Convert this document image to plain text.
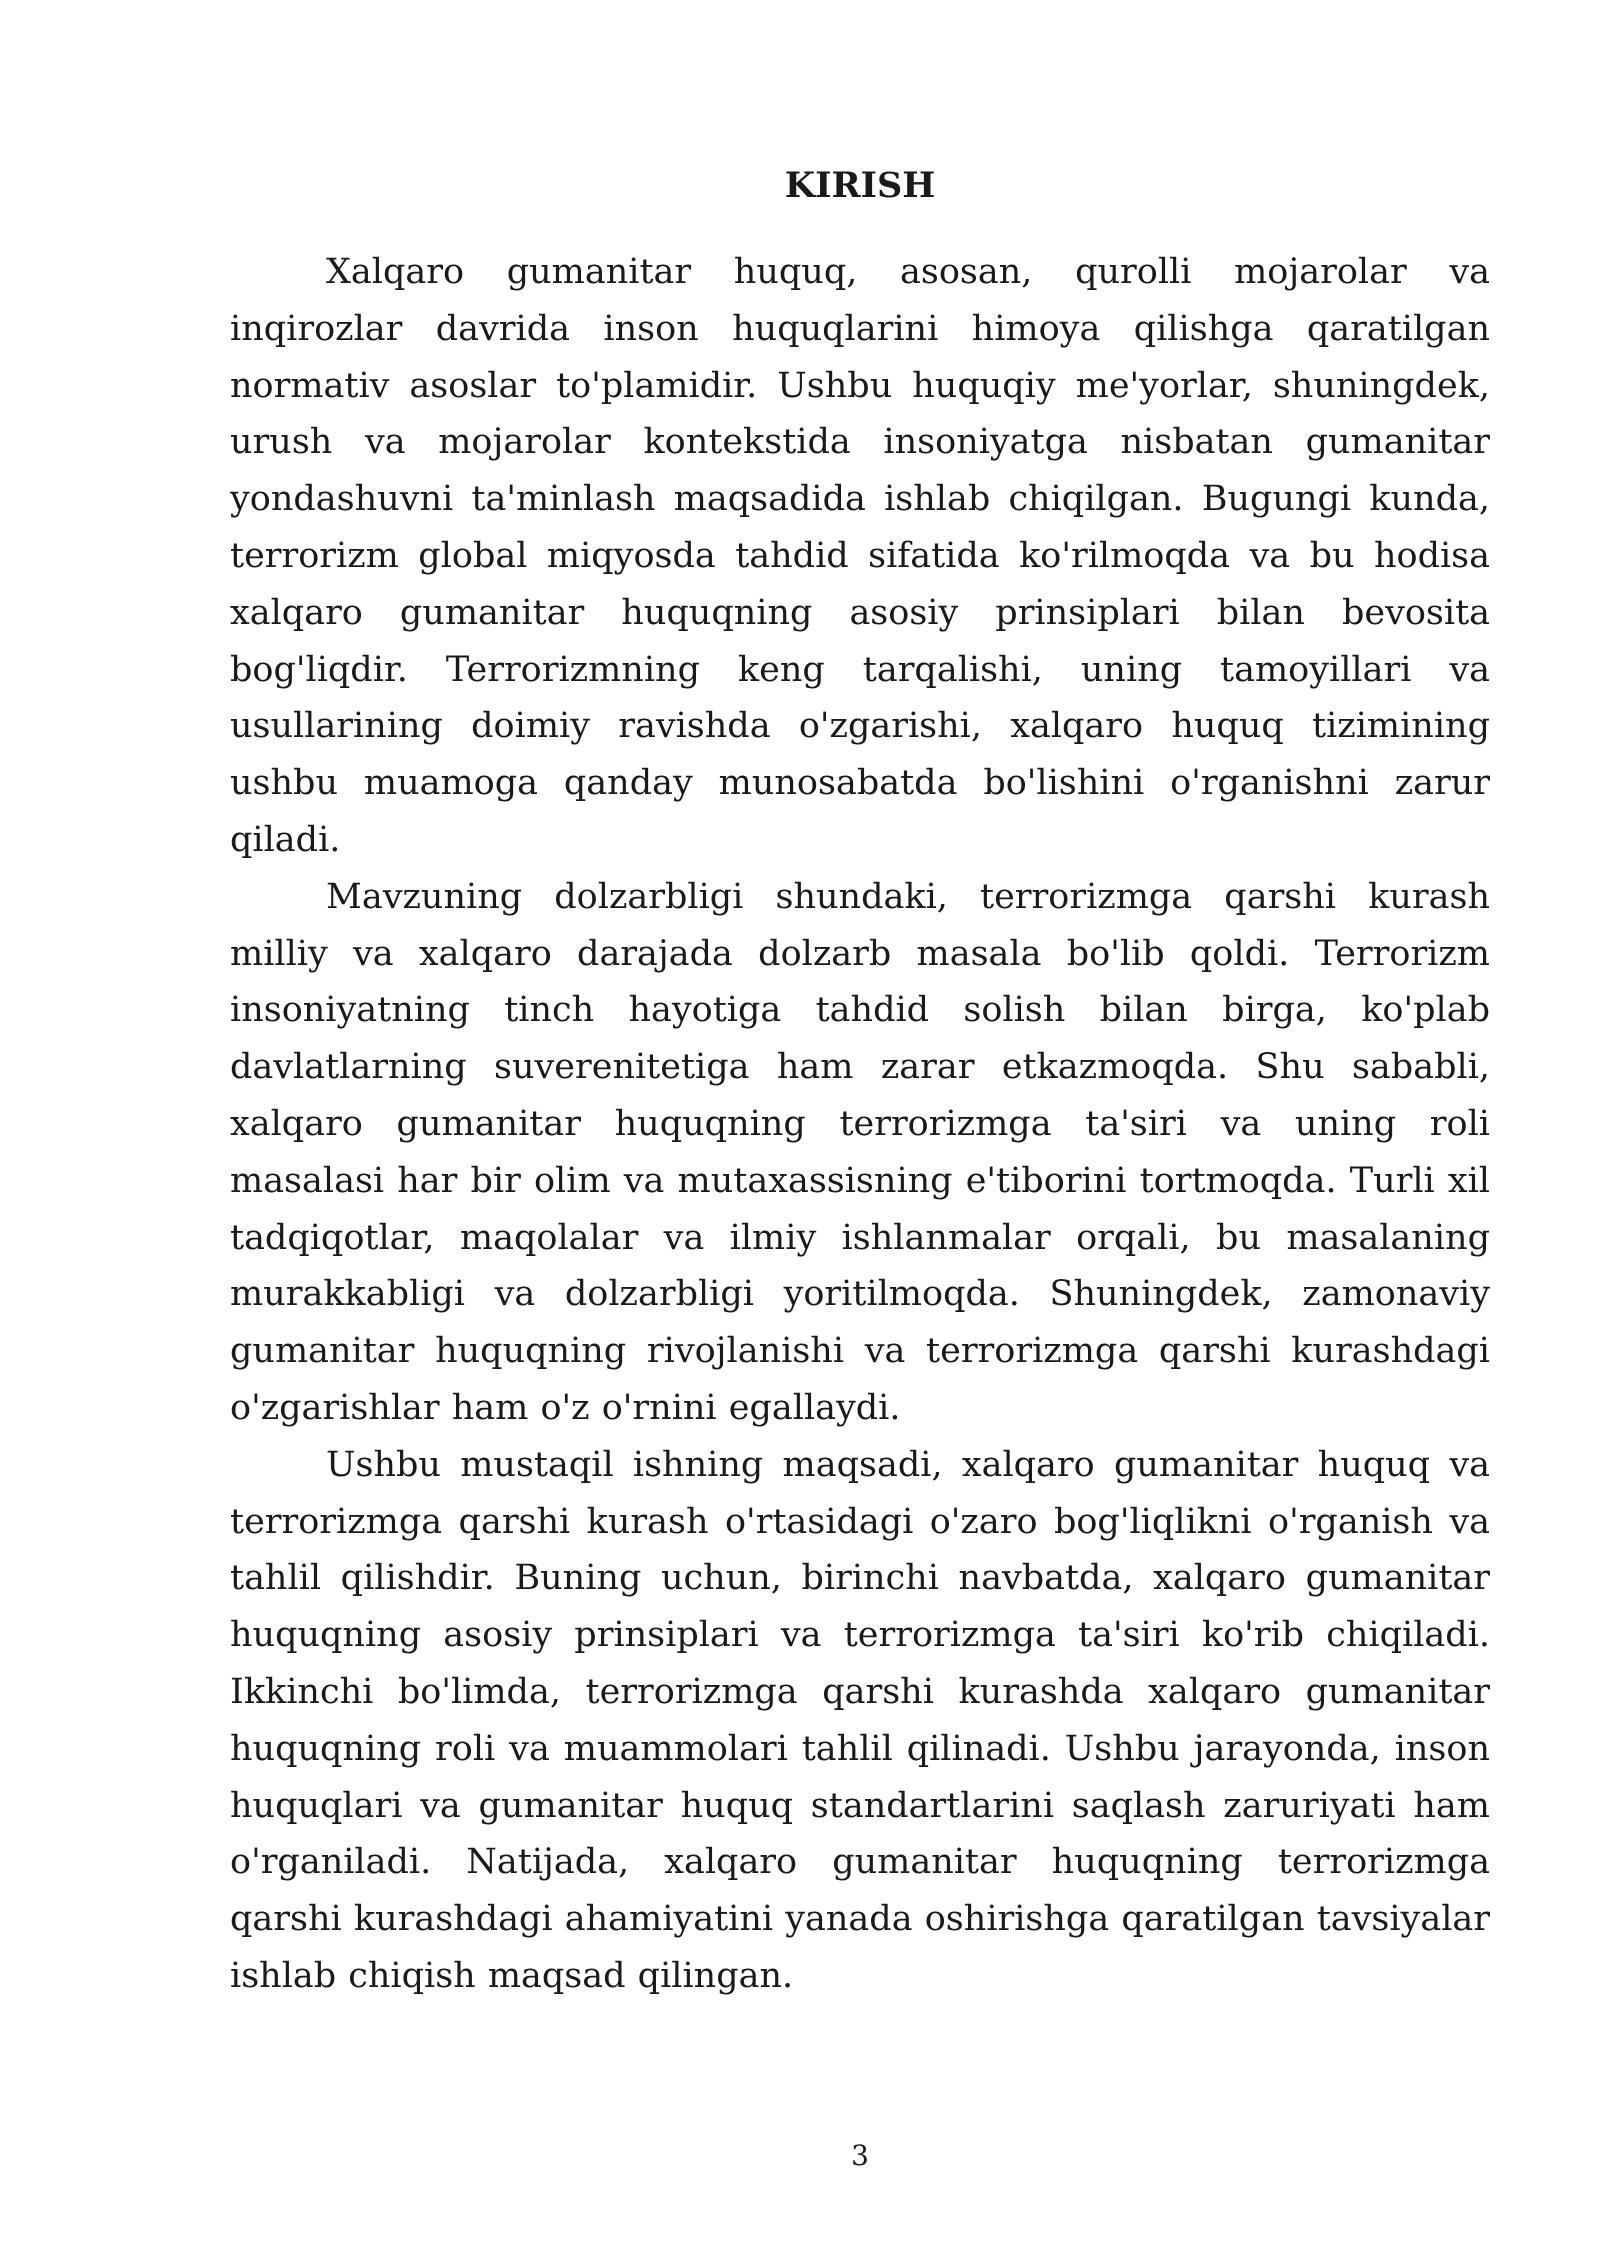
KIRISH

Xalqaro gumanitar huquq, asosan, qurolli mojarolar va inqirozlar davrida inson huquqlarini himoya qilishga qaratilgan normativ asoslar to'plamidir. Ushbu huquqiy me'yorlar, shuningdek, urush va mojarolar kontekstida insoniyatga nisbatan gumanitar yondashuvni ta'minlash maqsadida ishlab chiqilgan. Bugungi kunda, terrorizm global miqyosda tahdid sifatida ko'rilmoqda va bu hodisa xalqaro gumanitar huquqning asosiy prinsiplari bilan bevosita bog'liqdir. Terrorizmning keng tarqalishi, uning tamoyillari va usullarining doimiy ravishda o'zgarishi, xalqaro huquq tizimining ushbu muamoga qanday munosabatda bo'lishini o'rganishni zarur qiladi.

Mavzuning dolzarbligi shundaki, terrorizmga qarshi kurash milliy va xalqaro darajada dolzarb masala bo'lib qoldi. Terrorizm insoniyatning tinch hayotiga tahdid solish bilan birga, ko'plab davlatlarning suverenitetiga ham zarar etkazmoqda. Shu sababli, xalqaro gumanitar huquqning terrorizmga ta'siri va uning roli masalasi har bir olim va mutaxassisning e'tiborini tortmoqda. Turli xil tadqiqotlar, maqolalar va ilmiy ishlanmalar orqali, bu masalaning murakkabligi va dolzarbligi yoritilmoqda. Shuningdek, zamonaviy gumanitar huquqning rivojlanishi va terrorizmga qarshi kurashdagi o'zgarishlar ham o'z o'rnini egallaydi.

Ushbu mustaqil ishning maqsadi, xalqaro gumanitar huquq va terrorizmga qarshi kurash o'rtasidagi o'zaro bog'liqlikni o'rganish va tahlil qilishdir. Buning uchun, birinchi navbatda, xalqaro gumanitar huquqning asosiy prinsiplari va terrorizmga ta'siri ko'rib chiqiladi. Ikkinchi bo'limda, terrorizmga qarshi kurashda xalqaro gumanitar huquqning roli va muammolari tahlil qilinadi. Ushbu jarayonda, inson huquqlari va gumanitar huquq standartlarini saqlash zaruriyati ham o'rganiladi. Natijada, xalqaro gumanitar huquqning terrorizmga qarshi kurashdagi ahamiyatini yanada oshirishga qaratilgan tavsiyalar ishlab chiqish maqsad qilingan.

3
